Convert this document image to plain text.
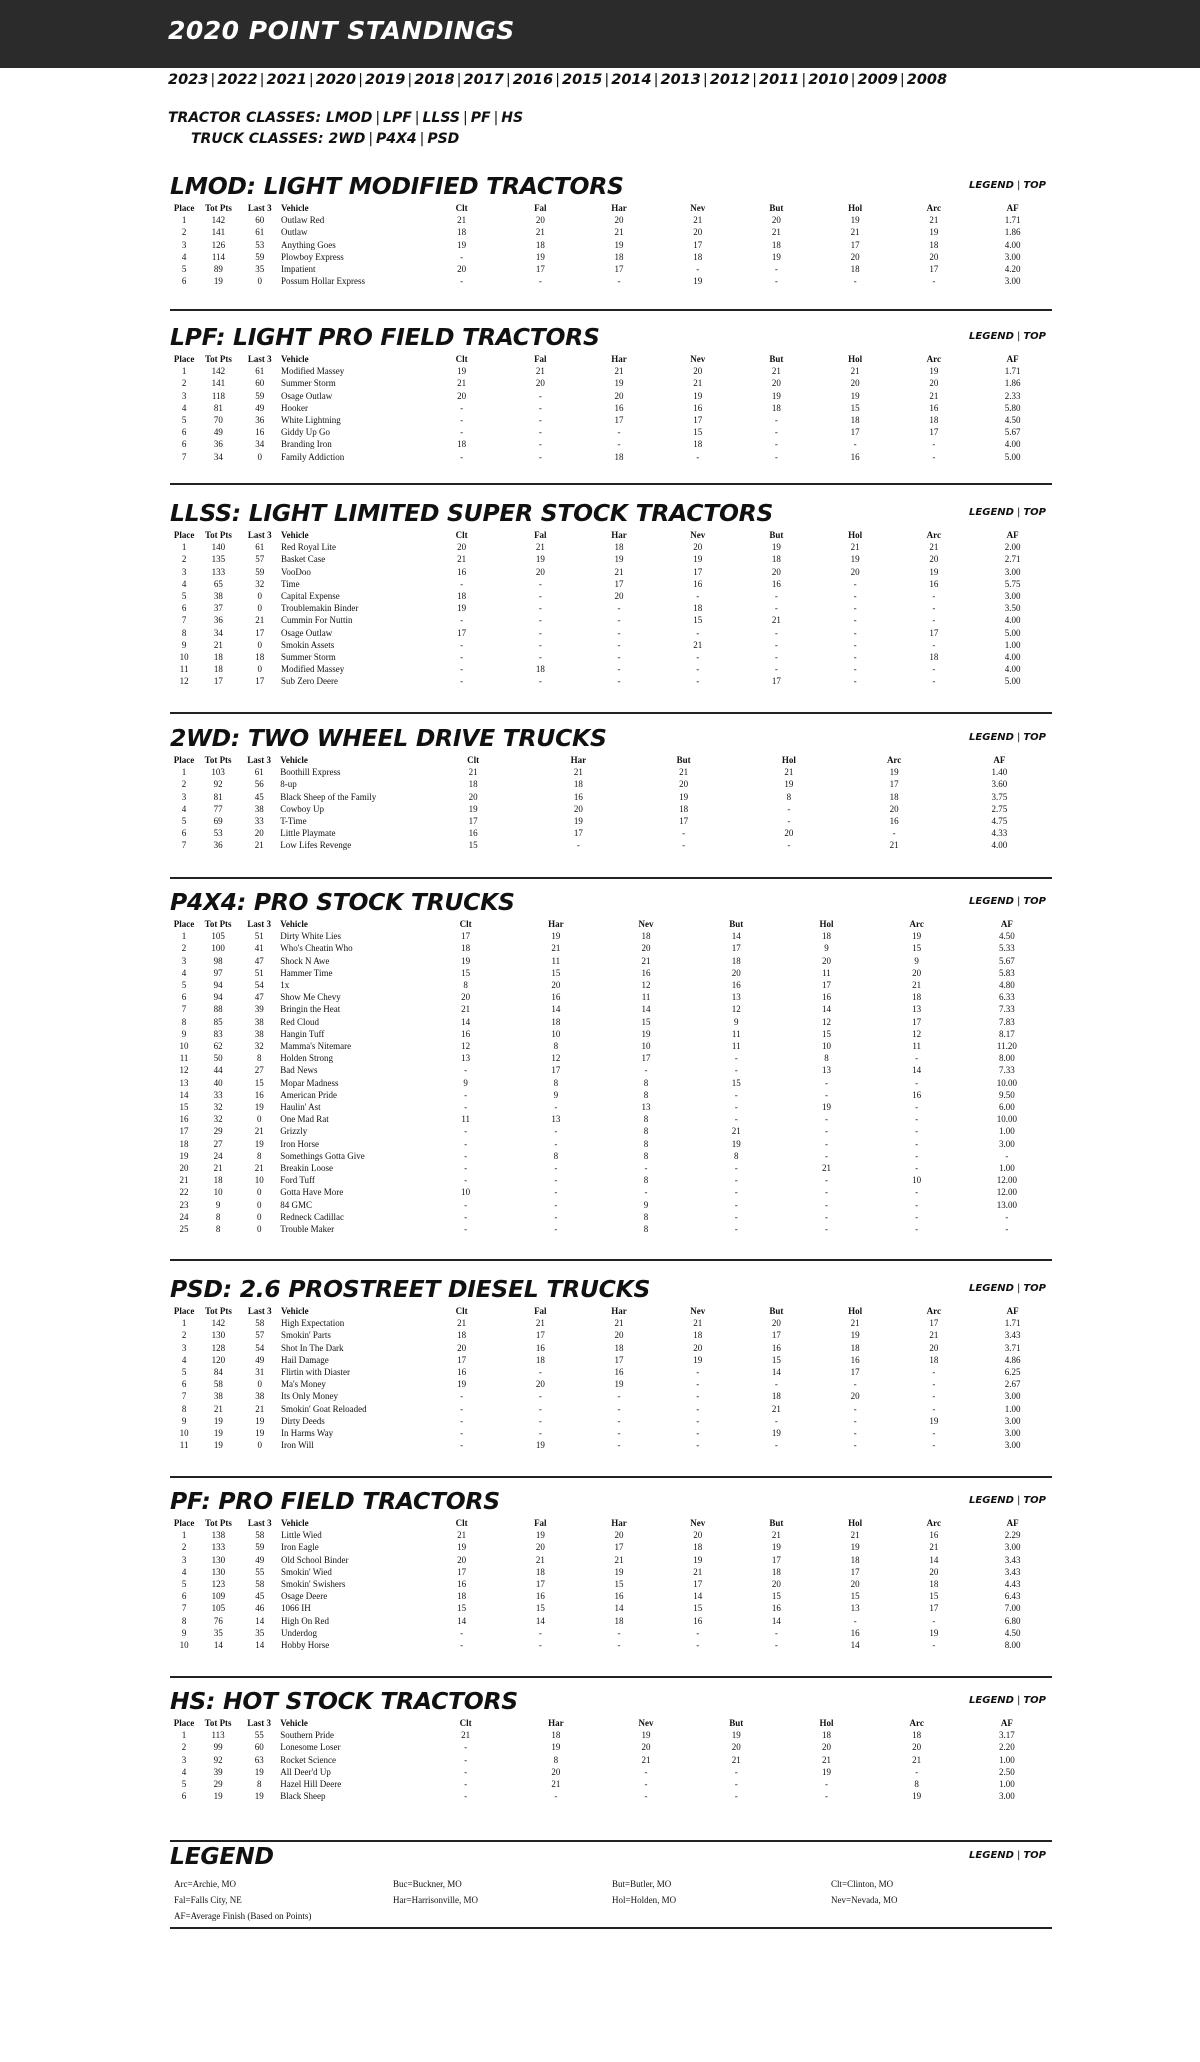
2020 POINT STANDINGS
2023 | 2022 | 2021 | 2020 | 2019 | 2018 | 2017 | 2016 | 2015 | 2014 | 2013 | 2012 | 2011 | 2010 | 2009 | 2008
TRACTOR CLASSES: LMOD | LPF | LLSS | PF | HS
TRUCK CLASSES: 2WD | P4X4 | PSD
LMOD: LIGHT MODIFIED TRACTORS	LEGEND | TOP
Place	Tot Pts	Last 3	Vehicle	Clt	Fal	Har	Nev	But	Hol	Arc	AF
1	142	60	Outlaw Red	21	20	20	21	20	19	21	1.71
2	141	61	Outlaw	18	21	21	20	21	21	19	1.86
3	126	53	Anything Goes	19	18	19	17	18	17	18	4.00
4	114	59	Plowboy Express	-	19	18	18	19	20	20	3.00
5	89	35	Impatient	20	17	17	-	-	18	17	4.20
6	19	0	Possum Hollar Express	-	-	-	19	-	-	-	3.00
LPF: LIGHT PRO FIELD TRACTORS	LEGEND | TOP
Place	Tot Pts	Last 3	Vehicle	Clt	Fal	Har	Nev	But	Hol	Arc	AF
1	142	61	Modified Massey	19	21	21	20	21	21	19	1.71
2	141	60	Summer Storm	21	20	19	21	20	20	20	1.86
3	118	59	Osage Outlaw	20	-	20	19	19	19	21	2.33
4	81	49	Hooker	-	-	16	16	18	15	16	5.80
5	70	36	White Lightning	-	-	17	17	-	18	18	4.50
6	49	16	Giddy Up Go	-	-	-	15	-	17	17	5.67
6	36	34	Branding Iron	18	-	-	18	-	-	-	4.00
7	34	0	Family Addiction	-	-	18	-	-	16	-	5.00
LLSS: LIGHT LIMITED SUPER STOCK TRACTORS	LEGEND | TOP
Place	Tot Pts	Last 3	Vehicle	Clt	Fal	Har	Nev	But	Hol	Arc	AF
1	140	61	Red Royal Lite	20	21	18	20	19	21	21	2.00
2	135	57	Basket Case	21	19	19	19	18	19	20	2.71
3	133	59	VooDoo	16	20	21	17	20	20	19	3.00
4	65	32	Time	-	-	17	16	16	-	16	5.75
5	38	0	Capital Expense	18	-	20	-	-	-	-	3.00
6	37	0	Troublemakin Binder	19	-	-	18	-	-	-	3.50
7	36	21	Cummin For Nuttin	-	-	-	15	21	-	-	4.00
8	34	17	Osage Outlaw	17	-	-	-	-	-	17	5.00
9	21	0	Smokin Assets	-	-	-	21	-	-	-	1.00
10	18	18	Summer Storm	-	-	-	-	-	-	18	4.00
11	18	0	Modified Massey	-	18	-	-	-	-	-	4.00
12	17	17	Sub Zero Deere	-	-	-	-	17	-	-	5.00
2WD: TWO WHEEL DRIVE TRUCKS	LEGEND | TOP
Place	Tot Pts	Last 3	Vehicle	Clt	Har	But	Hol	Arc	AF
1	103	61	Boothill Express	21	21	21	21	19	1.40
2	92	56	8-up	18	18	20	19	17	3.60
3	81	45	Black Sheep of the Family	20	16	19	8	18	3.75
4	77	38	Cowboy Up	19	20	18	-	20	2.75
5	69	33	T-Time	17	19	17	-	16	4.75
6	53	20	Little Playmate	16	17	-	20	-	4.33
7	36	21	Low Lifes Revenge	15	-	-	-	21	4.00
P4X4: PRO STOCK TRUCKS	LEGEND | TOP
Place	Tot Pts	Last 3	Vehicle	Clt	Har	Nev	But	Hol	Arc	AF
1	105	51	Dirty White Lies	17	19	18	14	18	19	4.50
2	100	41	Who's Cheatin Who	18	21	20	17	9	15	5.33
3	98	47	Shock N Awe	19	11	21	18	20	9	5.67
4	97	51	Hammer Time	15	15	16	20	11	20	5.83
5	94	54	1x	8	20	12	16	17	21	4.80
6	94	47	Show Me Chevy	20	16	11	13	16	18	6.33
7	88	39	Bringin the Heat	21	14	14	12	14	13	7.33
8	85	38	Red Cloud	14	18	15	9	12	17	7.83
9	83	38	Hangin Tuff	16	10	19	11	15	12	8.17
10	62	32	Mamma's Nitemare	12	8	10	11	10	11	11.20
11	50	8	Holden Strong	13	12	17	-	8	-	8.00
12	44	27	Bad News	-	17	-	-	13	14	7.33
13	40	15	Mopar Madness	9	8	8	15	-	-	10.00
14	33	16	American Pride	-	9	8	-	-	16	9.50
15	32	19	Haulin' Ast	-	-	13	-	19	-	6.00
16	32	0	One Mad Rat	11	13	8	-	-	-	10.00
17	29	21	Grizzly	-	-	8	21	-	-	1.00
18	27	19	Iron Horse	-	-	8	19	-	-	3.00
19	24	8	Somethings Gotta Give	-	8	8	8	-	-	-
20	21	21	Breakin Loose	-	-	-	-	21	-	1.00
21	18	10	Ford Tuff	-	-	8	-	-	10	12.00
22	10	0	Gotta Have More	10	-	-	-	-	-	12.00
23	9	0	84 GMC	-	-	9	-	-	-	13.00
24	8	0	Redneck Cadillac	-	-	8	-	-	-	-
25	8	0	Trouble Maker	-	-	8	-	-	-	-
PSD: 2.6 PROSTREET DIESEL TRUCKS	LEGEND | TOP
Place	Tot Pts	Last 3	Vehicle	Clt	Fal	Har	Nev	But	Hol	Arc	AF
1	142	58	High Expectation	21	21	21	21	20	21	17	1.71
2	130	57	Smokin' Parts	18	17	20	18	17	19	21	3.43
3	128	54	Shot In The Dark	20	16	18	20	16	18	20	3.71
4	120	49	Hail Damage	17	18	17	19	15	16	18	4.86
5	84	31	Flirtin with Diaster	16	-	16	-	14	17	-	6.25
6	58	0	Ma's Money	19	20	19	-	-	-	-	2.67
7	38	38	Its Only Money	-	-	-	-	18	20	-	3.00
8	21	21	Smokin' Goat Reloaded	-	-	-	-	21	-	-	1.00
9	19	19	Dirty Deeds	-	-	-	-	-	-	19	3.00
10	19	19	In Harms Way	-	-	-	-	19	-	-	3.00
11	19	0	Iron Will	-	19	-	-	-	-	-	3.00
PF: PRO FIELD TRACTORS	LEGEND | TOP
Place	Tot Pts	Last 3	Vehicle	Clt	Fal	Har	Nev	But	Hol	Arc	AF
1	138	58	Little Wied	21	19	20	20	21	21	16	2.29
2	133	59	Iron Eagle	19	20	17	18	19	19	21	3.00
3	130	49	Old School Binder	20	21	21	19	17	18	14	3.43
4	130	55	Smokin' Wied	17	18	19	21	18	17	20	3.43
5	123	58	Smokin' Swishers	16	17	15	17	20	20	18	4.43
6	109	45	Osage Deere	18	16	16	14	15	15	15	6.43
7	105	46	1066 IH	15	15	14	15	16	13	17	7.00
8	76	14	High On Red	14	14	18	16	14	-	-	6.80
9	35	35	Underdog	-	-	-	-	-	16	19	4.50
10	14	14	Hobby Horse	-	-	-	-	-	14	-	8.00
HS: HOT STOCK TRACTORS	LEGEND | TOP
Place	Tot Pts	Last 3	Vehicle	Clt	Har	Nev	But	Hol	Arc	AF
1	113	55	Southern Pride	21	18	19	19	18	18	3.17
2	99	60	Lonesome Loser	-	19	20	20	20	20	2.20
3	92	63	Rocket Science	-	8	21	21	21	21	1.00
4	39	19	All Deer'd Up	-	20	-	-	19	-	2.50
5	29	8	Hazel Hill Deere	-	21	-	-	-	8	1.00
6	19	19	Black Sheep	-	-	-	-	-	19	3.00
LEGEND	LEGEND | TOP
Arc=Archie, MO	Buc=Buckner, MO	But=Butler, MO	Clt=Clinton, MO
Fal=Falls City, NE	Har=Harrisonville, MO	Hol=Holden, MO	Nev=Nevada, MO
AF=Average Finish (Based on Points)
